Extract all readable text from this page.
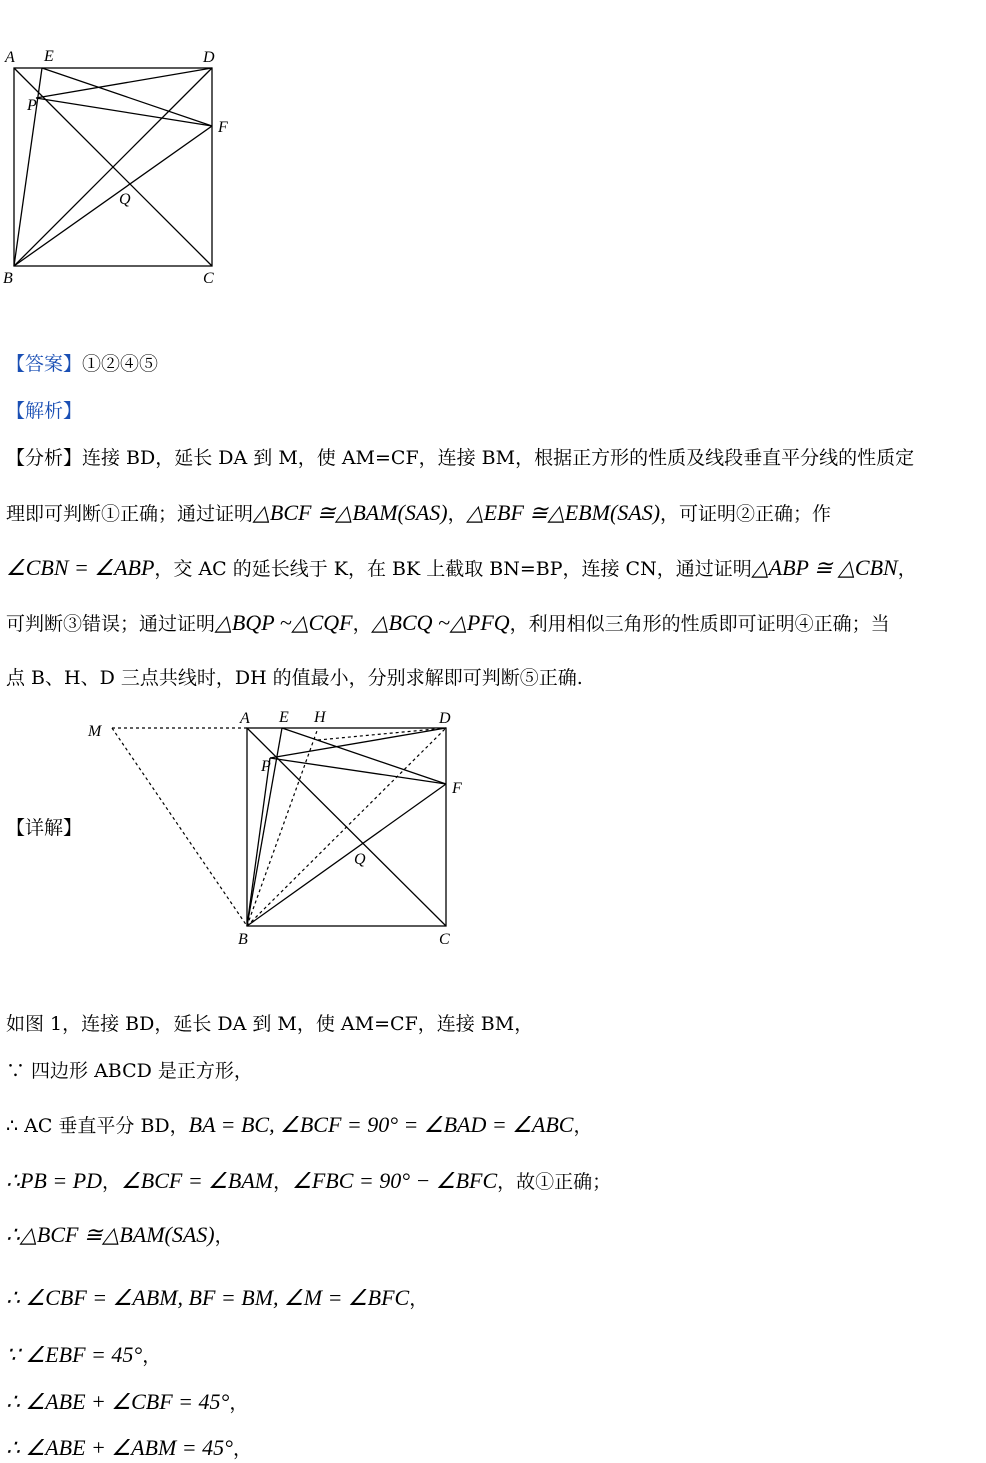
A E	D
P
F
Q
B	C
【答案】①②④⑤
【解析】
【分析】连接 BD，延长 DA 到 M，使 AM=CF，连接 BM，根据正方形的性质及线段垂直平分线的性质定
理即可判断①正确；通过证明△BCF ≅△BAM(SAS)，△EBF ≅△EBM(SAS)，可证明②正确；作
∠CBN = ∠ABP，交 AC 的延长线于 K，在 BK 上截取 BN=BP，连接 CN，通过证明△ABP ≅ △CBN，
可判断③错误；通过证明△BQP ~△CQF，△BCQ ~△PFQ，利用相似三角形的性质即可证明④正确；当
点 B、H、D 三点共线时，DH 的值最小，分别求解即可判断⑤正确.
M
A E H	D
P
F
Q
B	C
【详解】
如图 1，连接 BD，延长 DA 到 M，使 AM=CF，连接 BM，
∵ 四边形 ABCD 是正方形，
∴ AC 垂直平分 BD，BA = BC, ∠BCF = 90° = ∠BAD = ∠ABC，
∴PB = PD，∠BCF = ∠BAM，∠FBC = 90° − ∠BFC，故①正确；
∴△BCF ≅△BAM(SAS)，
∴ ∠CBF = ∠ABM, BF = BM, ∠M = ∠BFC，
∵ ∠EBF = 45°，
∴ ∠ABE + ∠CBF = 45°，
∴ ∠ABE + ∠ABM = 45°，
